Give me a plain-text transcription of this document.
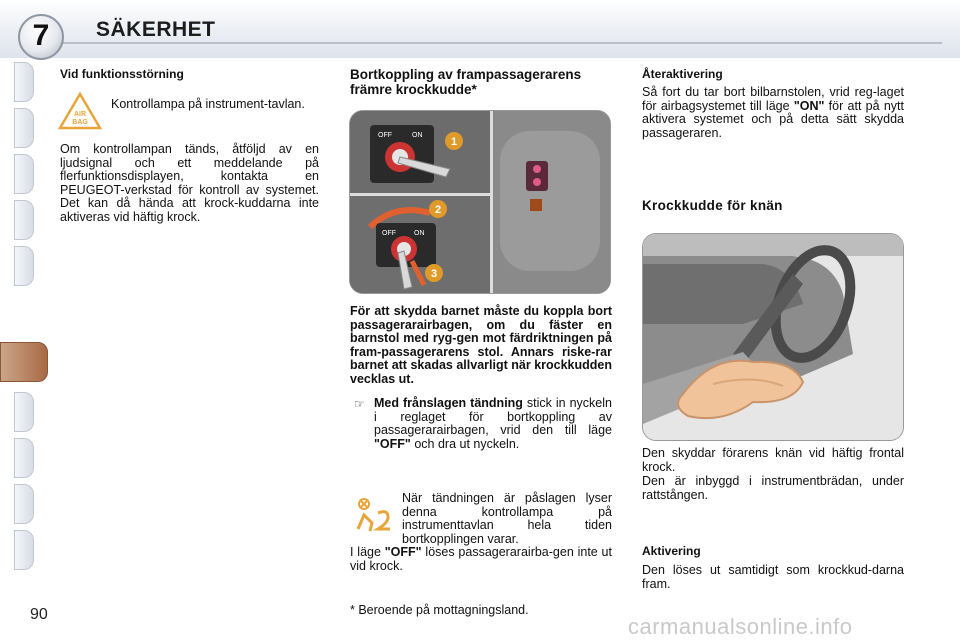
7	SÄKERHET
Vid funktionsstörning
AIR
BAG
Kontrollampa på instrument-tavlan.
Om kontrollampan tänds, åtföljd av en ljudsignal och ett meddelande på flerfunktionsdisplayen, kontakta en PEUGEOT-verkstad för kontroll av systemet. Det kan då hända att krock-kuddarna inte aktiveras vid häftig krock.
Bortkoppling av frampassagerarens främre krockkudde*
OFF	ON
1
2
OFF	ON
3
För att skydda barnet måste du koppla bort passagerarairbagen, om du fäster en barnstol med ryg-gen mot färdriktningen på fram-passagerarens stol. Annars riske-rar barnet att skadas allvarligt när krockkudden vecklas ut.
☞ Med frånslagen tändning stick in nyckeln i reglaget för bortkoppling av passagerarairbagen, vrid den till läge "OFF" och dra ut nyckeln.
När tändningen är påslagen lyser denna kontrollampa på instrumenttavlan hela tiden bortkopplingen varar.
I läge "OFF" löses passagerarairba-gen inte ut vid krock.
* Beroende på mottagningsland.
Återaktivering
Så fort du tar bort bilbarnstolen, vrid reg-laget för airbagsystemet till läge "ON" för att på nytt aktivera systemet och på detta sätt skydda passageraren.
Krockkudde för knän
Den skyddar förarens knän vid häftig frontal krock.
Den är inbyggd i instrumentbrädan, under rattstången.
Aktivering
Den löses ut samtidigt som krockkud-darna fram.
90	carmanualsonline.info
